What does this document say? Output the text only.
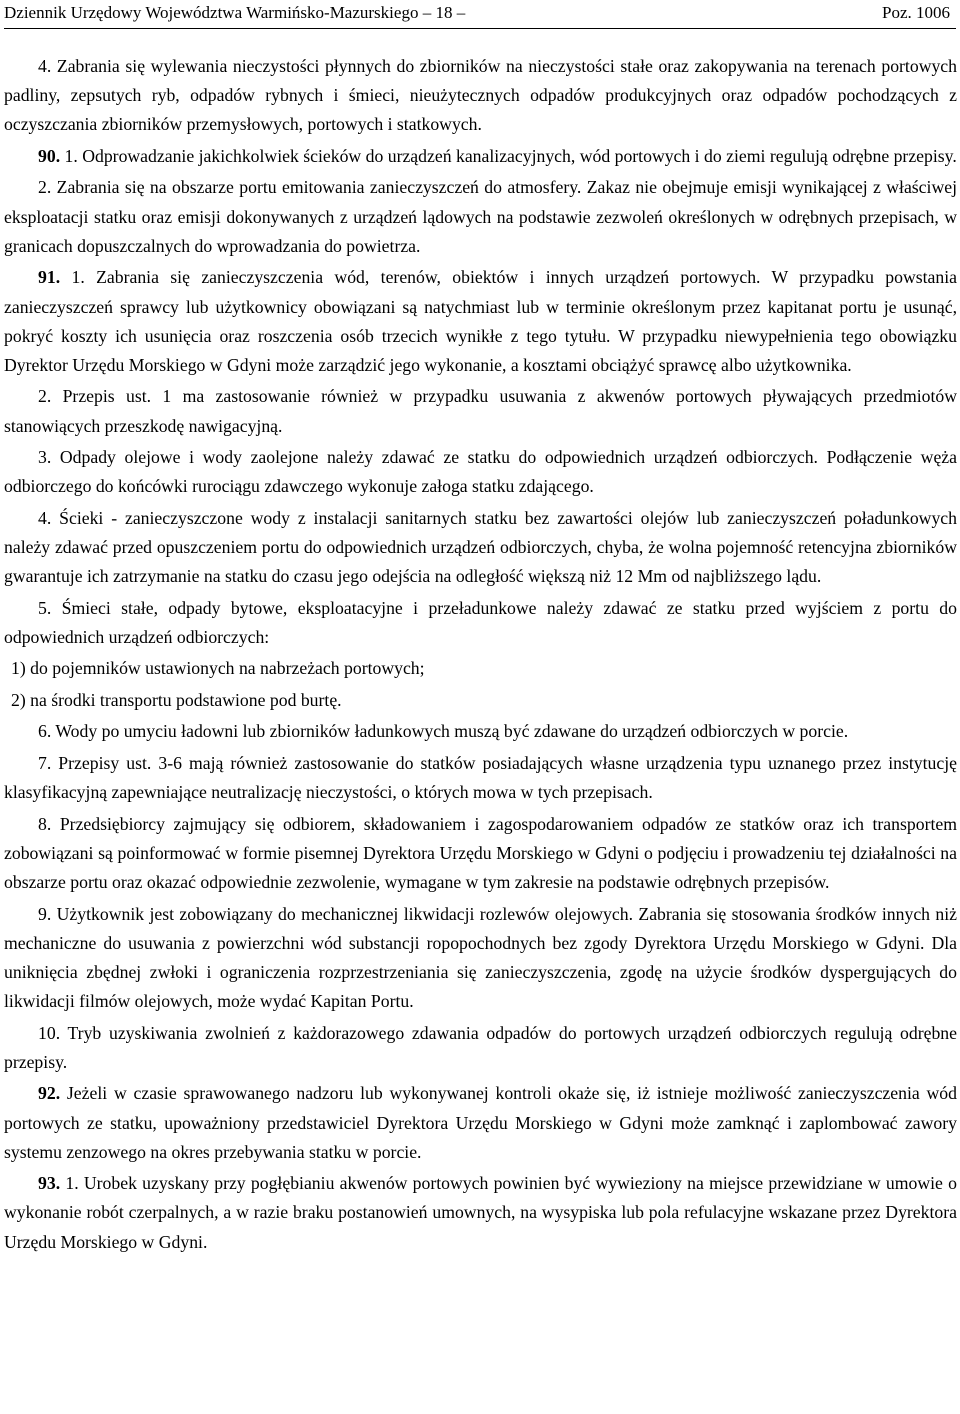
Dziennik Urzędowy Województwa Warmińsko-Mazurskiego – 18 –	Poz. 1006

4. Zabrania się wylewania nieczystości płynnych do zbiorników na nieczystości stałe oraz zakopywania na terenach portowych padliny, zepsutych ryb, odpadów rybnych i śmieci, nieużytecznych odpadów produkcyjnych oraz odpadów pochodzących z oczyszczania zbiorników przemysłowych, portowych i statkowych.

90. 1. Odprowadzanie jakichkolwiek ścieków do urządzeń kanalizacyjnych, wód portowych i do ziemi regulują odrębne przepisy.

2. Zabrania się na obszarze portu emitowania zanieczyszczeń do atmosfery. Zakaz nie obejmuje emisji wynikającej z właściwej eksploatacji statku oraz emisji dokonywanych z urządzeń lądowych na podstawie zezwoleń określonych w odrębnych przepisach, w granicach dopuszczalnych do wprowadzania do powietrza.

91. 1. Zabrania się zanieczyszczenia wód, terenów, obiektów i innych urządzeń portowych. W przypadku powstania zanieczyszczeń sprawcy lub użytkownicy obowiązani są natychmiast lub w terminie określonym przez kapitanat portu je usunąć, pokryć koszty ich usunięcia oraz roszczenia osób trzecich wynikłe z tego tytułu. W przypadku niewypełnienia tego obowiązku Dyrektor Urzędu Morskiego w Gdyni może zarządzić jego wykonanie, a kosztami obciążyć sprawcę albo użytkownika.

2. Przepis ust. 1 ma zastosowanie również w przypadku usuwania z akwenów portowych pływających przedmiotów stanowiących przeszkodę nawigacyjną.

3. Odpady olejowe i wody zaolejone należy zdawać ze statku do odpowiednich urządzeń odbiorczych. Podłączenie węża odbiorczego do końcówki rurociągu zdawczego wykonuje załoga statku zdającego.

4. Ścieki - zanieczyszczone wody z instalacji sanitarnych statku bez zawartości olejów lub zanieczyszczeń poładunkowych należy zdawać przed opuszczeniem portu do odpowiednich urządzeń odbiorczych, chyba, że wolna pojemność retencyjna zbiorników gwarantuje ich zatrzymanie na statku do czasu jego odejścia na odległość większą niż 12 Mm od najbliższego lądu.

5. Śmieci stałe, odpady bytowe, eksploatacyjne i przeładunkowe należy zdawać ze statku przed wyjściem z portu do odpowiednich urządzeń odbiorczych:

1) do pojemników ustawionych na nabrzeżach portowych;

2) na środki transportu podstawione pod burtę.

6. Wody po umyciu ładowni lub zbiorników ładunkowych muszą być zdawane do urządzeń odbiorczych w porcie.

7. Przepisy ust. 3-6 mają również zastosowanie do statków posiadających własne urządzenia typu uznanego przez instytucję klasyfikacyjną zapewniające neutralizację nieczystości, o których mowa w tych przepisach.

8. Przedsiębiorcy zajmujący się odbiorem, składowaniem i zagospodarowaniem odpadów ze statków oraz ich transportem zobowiązani są poinformować w formie pisemnej Dyrektora Urzędu Morskiego w Gdyni o podjęciu i prowadzeniu tej działalności na obszarze portu oraz okazać odpowiednie zezwolenie, wymagane w tym zakresie na podstawie odrębnych przepisów.

9. Użytkownik jest zobowiązany do mechanicznej likwidacji rozlewów olejowych. Zabrania się stosowania środków innych niż mechaniczne do usuwania z powierzchni wód substancji ropopochodnych bez zgody Dyrektora Urzędu Morskiego w Gdyni. Dla uniknięcia zbędnej zwłoki i ograniczenia rozprzestrzeniania się zanieczyszczenia, zgodę na użycie środków dyspergujących do likwidacji filmów olejowych, może wydać Kapitan Portu.

10. Tryb uzyskiwania zwolnień z każdorazowego zdawania odpadów do portowych urządzeń odbiorczych regulują odrębne przepisy.

92. Jeżeli w czasie sprawowanego nadzoru lub wykonywanej kontroli okaże się, iż istnieje możliwość zanieczyszczenia wód portowych ze statku, upoważniony przedstawiciel Dyrektora Urzędu Morskiego w Gdyni może zamknąć i zaplombować zawory systemu zenzowego na okres przebywania statku w porcie.

93. 1. Urobek uzyskany przy pogłębianiu akwenów portowych powinien być wywieziony na miejsce przewidziane w umowie o wykonanie robót czerpalnych, a w razie braku postanowień umownych, na wysypiska lub pola refulacyjne wskazane przez Dyrektora Urzędu Morskiego w Gdyni.
